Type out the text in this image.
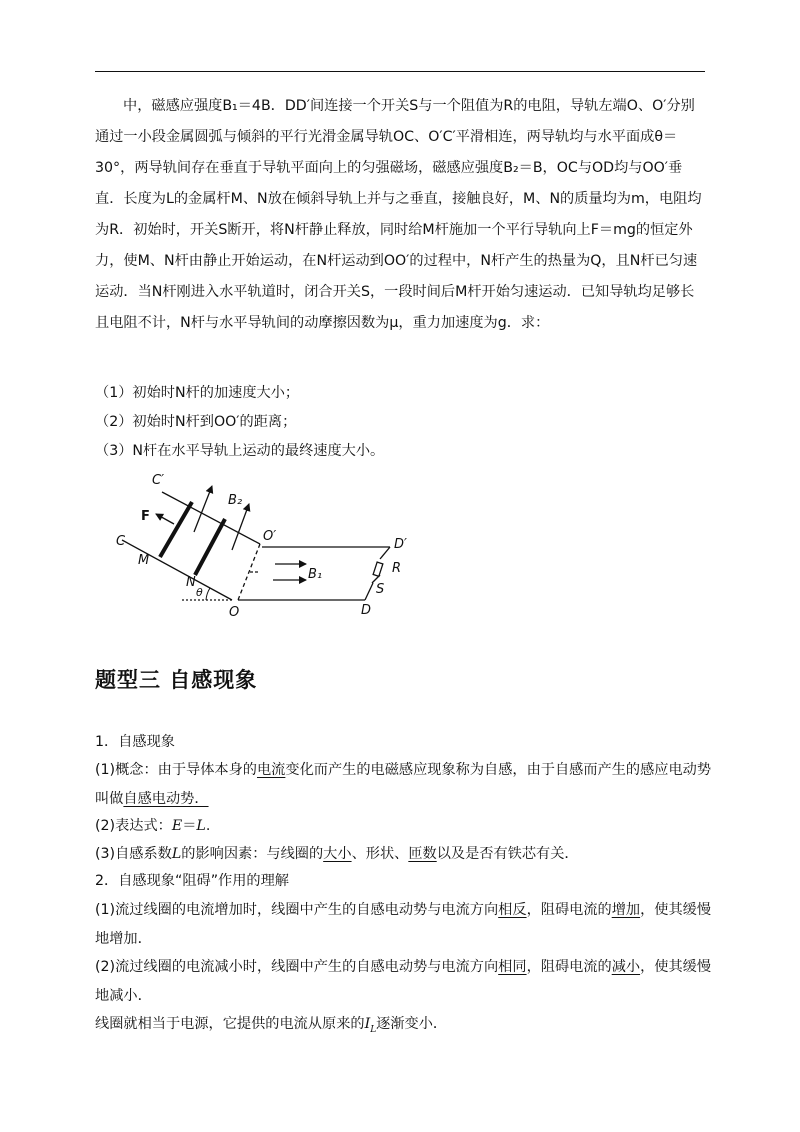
中，磁感应强度B₁＝4B．DD′间连接一个开关S与一个阻值为R的电阻，导轨左端O、O′分别通过一小段金属圆弧与倾斜的平行光滑金属导轨OC、O′C′平滑相连，两导轨均与水平面成θ＝30°，两导轨间存在垂直于导轨平面向上的匀强磁场，磁感应强度B₂＝B，OC与OD均与OO′垂直．长度为L的金属杆M、N放在倾斜导轨上并与之垂直，接触良好，M、N的质量均为m，电阻均为R．初始时，开关S断开，将N杆静止释放，同时给M杆施加一个平行导轨向上F＝mg的恒定外力，使M、N杆由静止开始运动，在N杆运动到OO′的过程中，N杆产生的热量为Q，且N杆已匀速运动．当N杆刚进入水平轨道时，闭合开关S，一段时间后M杆开始匀速运动．已知导轨均足够长且电阻不计，N杆与水平导轨间的动摩擦因数为μ，重力加速度为g．求：

（1）初始时N杆的加速度大小；
（2）初始时N杆到OO′的距离；
（3）N杆在水平导轨上运动的最终速度大小。
C′
F
B₂
O′
C
M
N
θ
B₁
D′
R
S
O	D
题型三 自感现象
1．自感现象
(1)概念：由于导体本身的电流变化而产生的电磁感应现象称为自感，由于自感而产生的感应电动势
叫做自感电动势．
(2)表达式：E＝L.
(3)自感系数L的影响因素：与线圈的大小、形状、匝数以及是否有铁芯有关．
2．自感现象“阻碍”作用的理解
(1)流过线圈的电流增加时，线圈中产生的自感电动势与电流方向相反，阻碍电流的增加，使其缓慢
地增加．
(2)流过线圈的电流减小时，线圈中产生的自感电动势与电流方向相同，阻碍电流的减小，使其缓慢
地减小．
线圈就相当于电源，它提供的电流从原来的$I_L$逐渐变小．
